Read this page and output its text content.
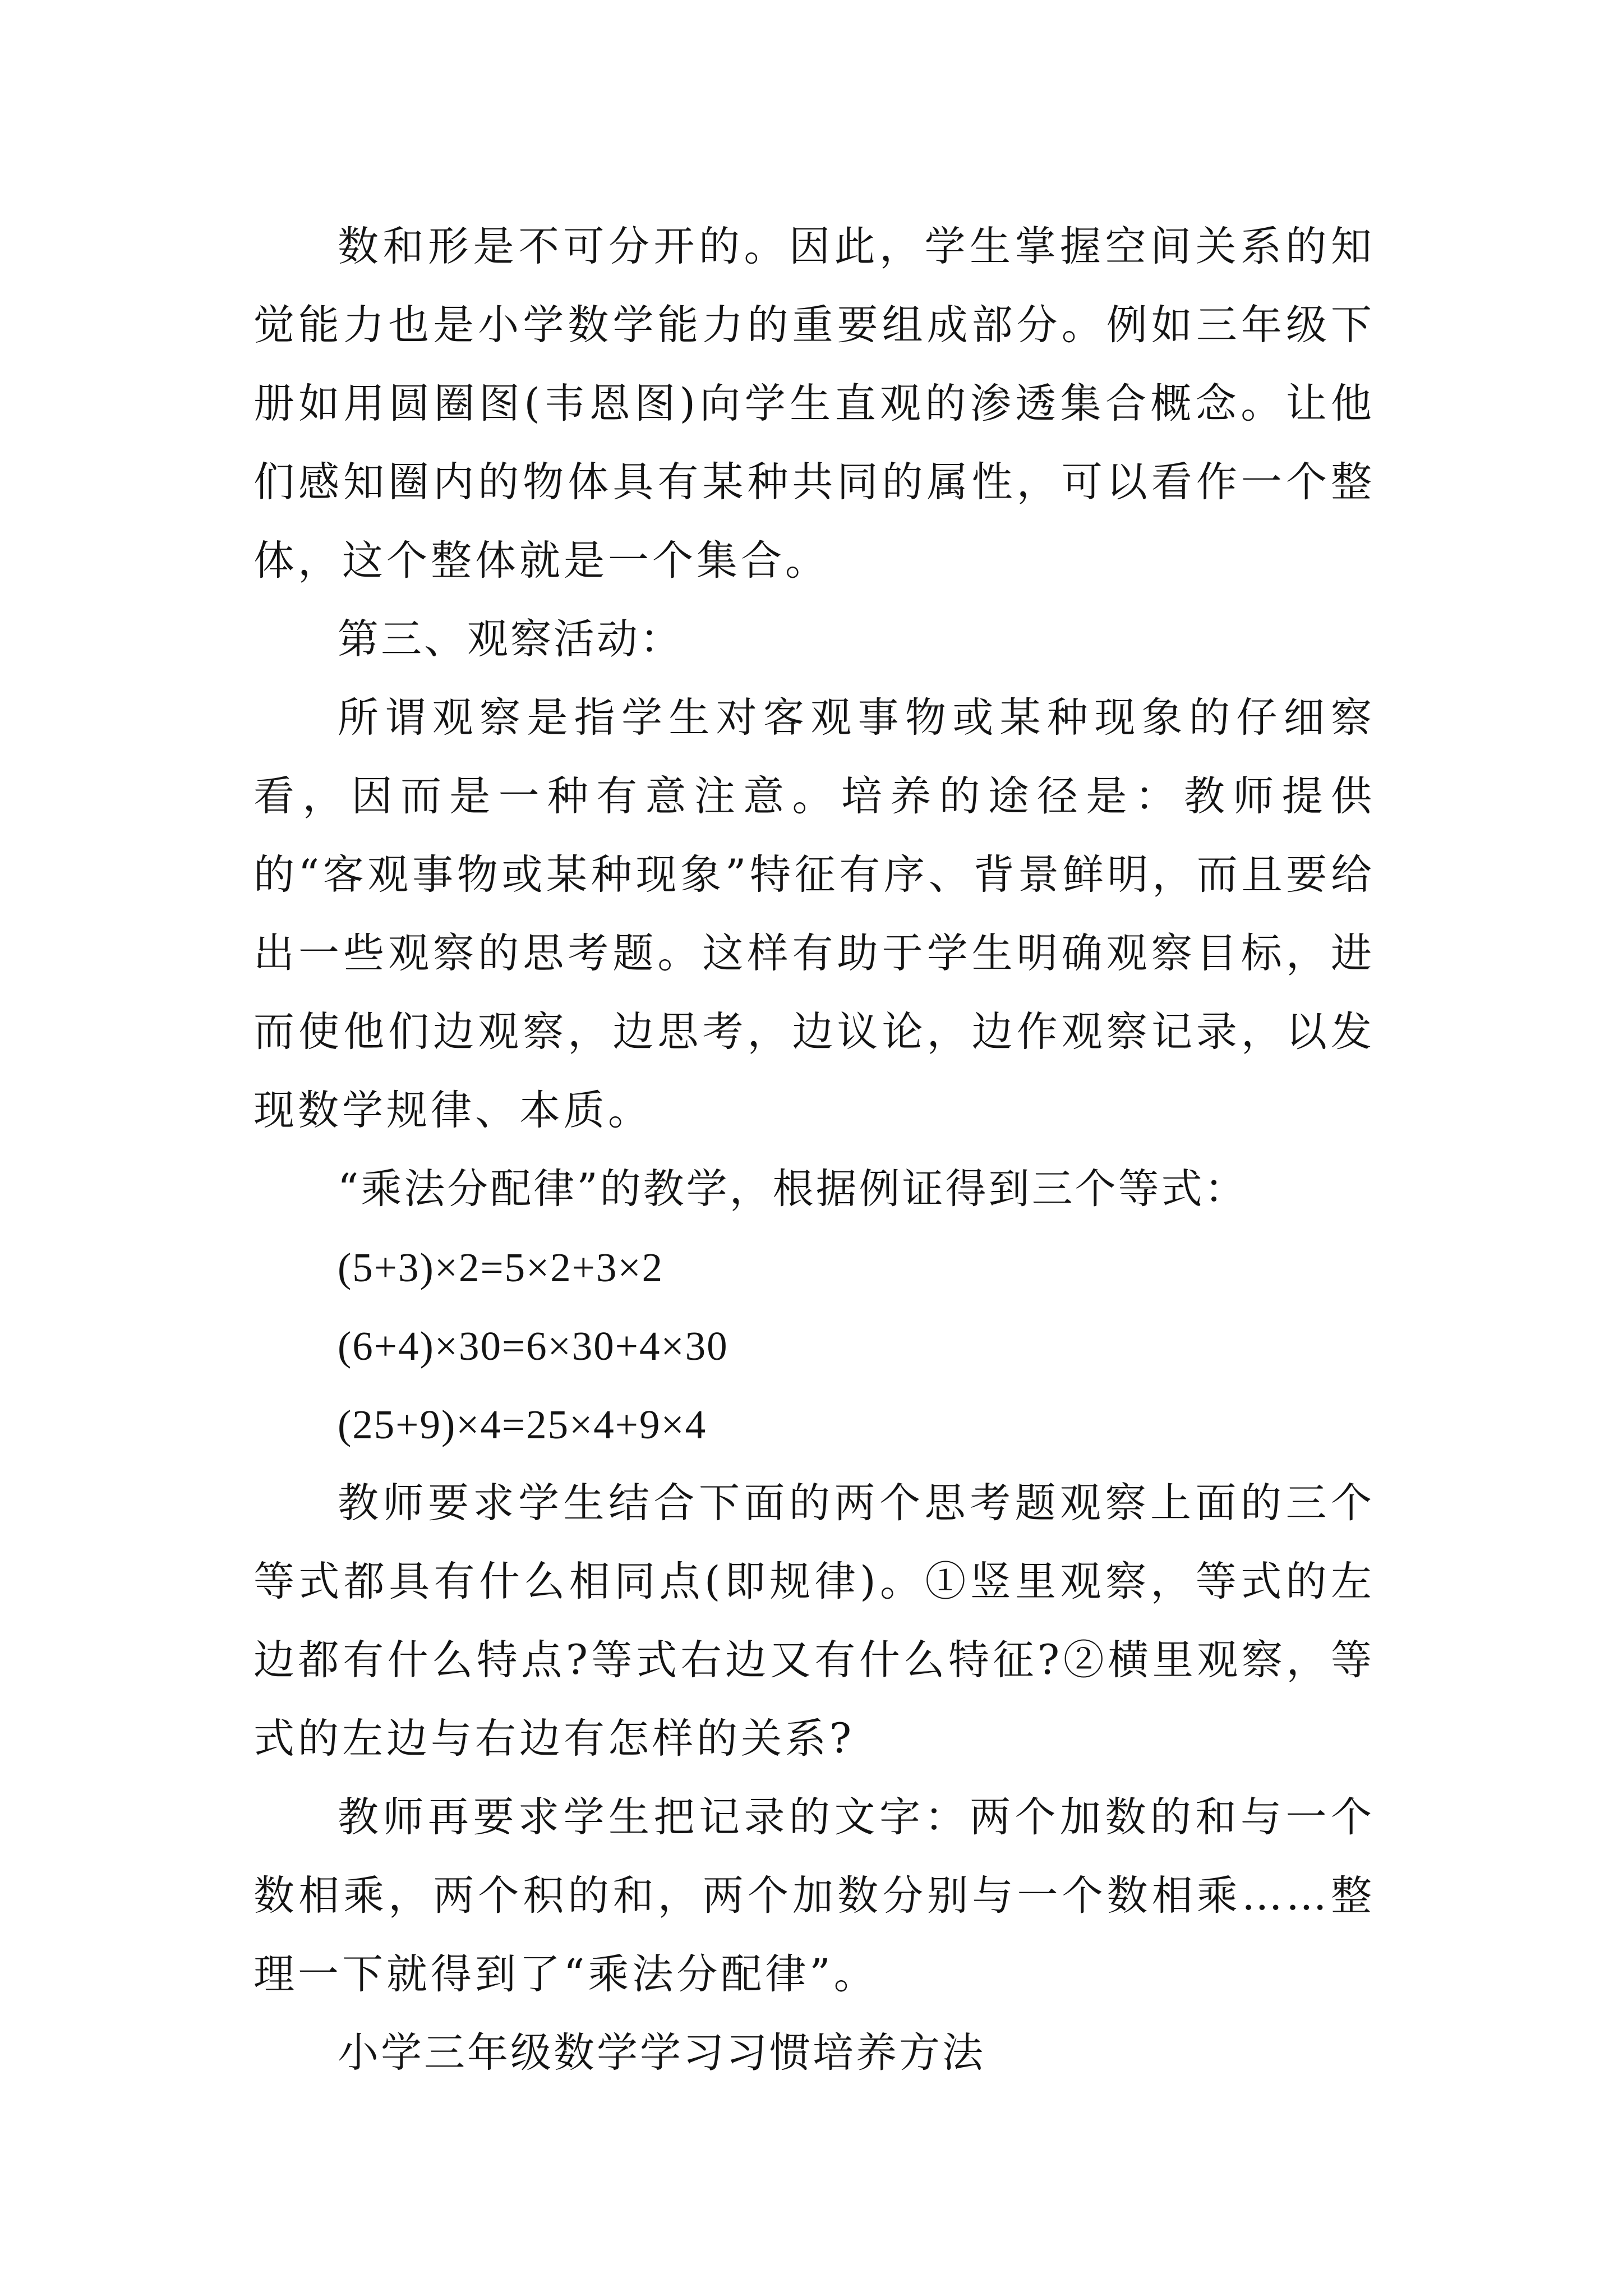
数和形是不可分开的。因此，学生掌握空间关系的知觉能力也是小学数学能力的重要组成部分。例如三年级下册如用圆圈图(韦恩图)向学生直观的渗透集合概念。让他们感知圈内的物体具有某种共同的属性，可以看作一个整体，这个整体就是一个集合。

第三、观察活动：

所谓观察是指学生对客观事物或某种现象的仔细察看，因而是一种有意注意。培养的途径是：教师提供的“客观事物或某种现象”特征有序、背景鲜明，而且要给出一些观察的思考题。这样有助于学生明确观察目标，进而使他们边观察，边思考，边议论，边作观察记录，以发现数学规律、本质。

“乘法分配律”的教学，根据例证得到三个等式：

(5+3)×2=5×2+3×2

(6+4)×30=6×30+4×30

(25+9)×4=25×4+9×4

教师要求学生结合下面的两个思考题观察上面的三个等式都具有什么相同点(即规律)。①竖里观察，等式的左边都有什么特点?等式右边又有什么特征?②横里观察，等式的左边与右边有怎样的关系?

教师再要求学生把记录的文字：两个加数的和与一个数相乘，两个积的和，两个加数分别与一个数相乘……整理一下就得到了“乘法分配律”。

小学三年级数学学习习惯培养方法
